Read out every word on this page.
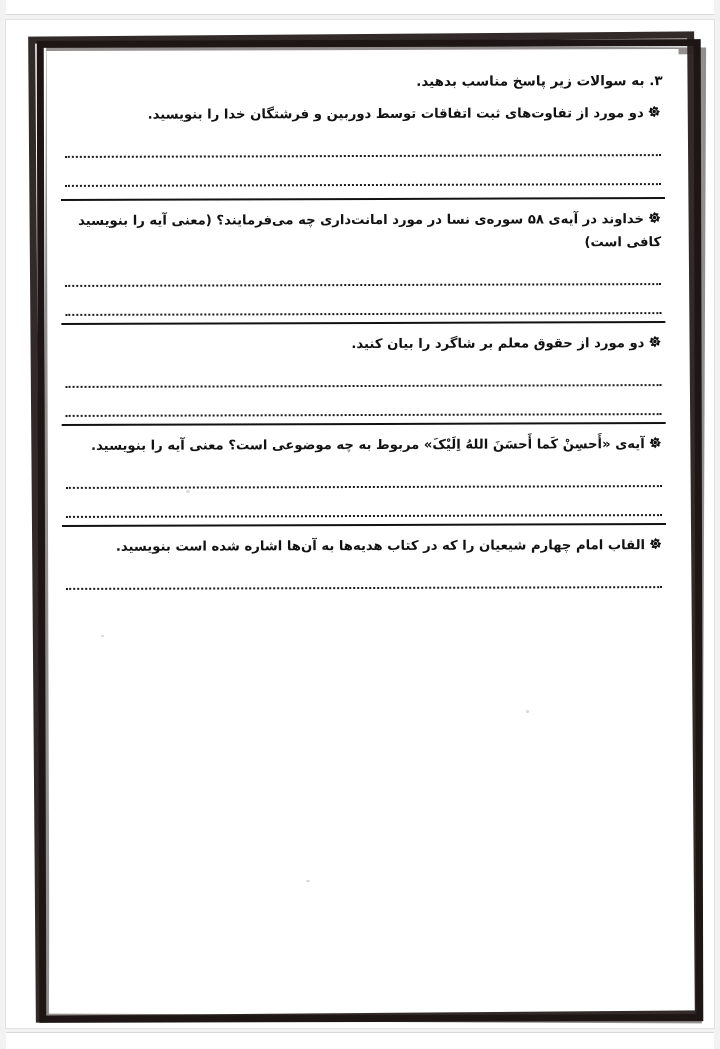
۳. به سوالات زیر پاسخ مناسب بدهید.
دو مورد از تفاوت‌های ثبت اتفاقات توسط دوربین و فرشتگان خدا را بنویسید.
خداوند در آیه‌ی ۵۸ سوره‌ی نسا در مورد امانت‌داری چه می‌فرمایند؟ (معنی آیه را بنویسید کافی است)
دو مورد از حقوق معلم بر شاگرد را بیان کنید.
آیه‌ی «أَحسِنْ کَما أَحسَنَ اللهُ اِلَیْکَ» مربوط به چه موضوعی است؟ معنی آیه را بنویسید.
القاب امام چهارم شیعیان را که در کتاب هدیه‌ها به آن‌ها اشاره شده است بنویسید.
